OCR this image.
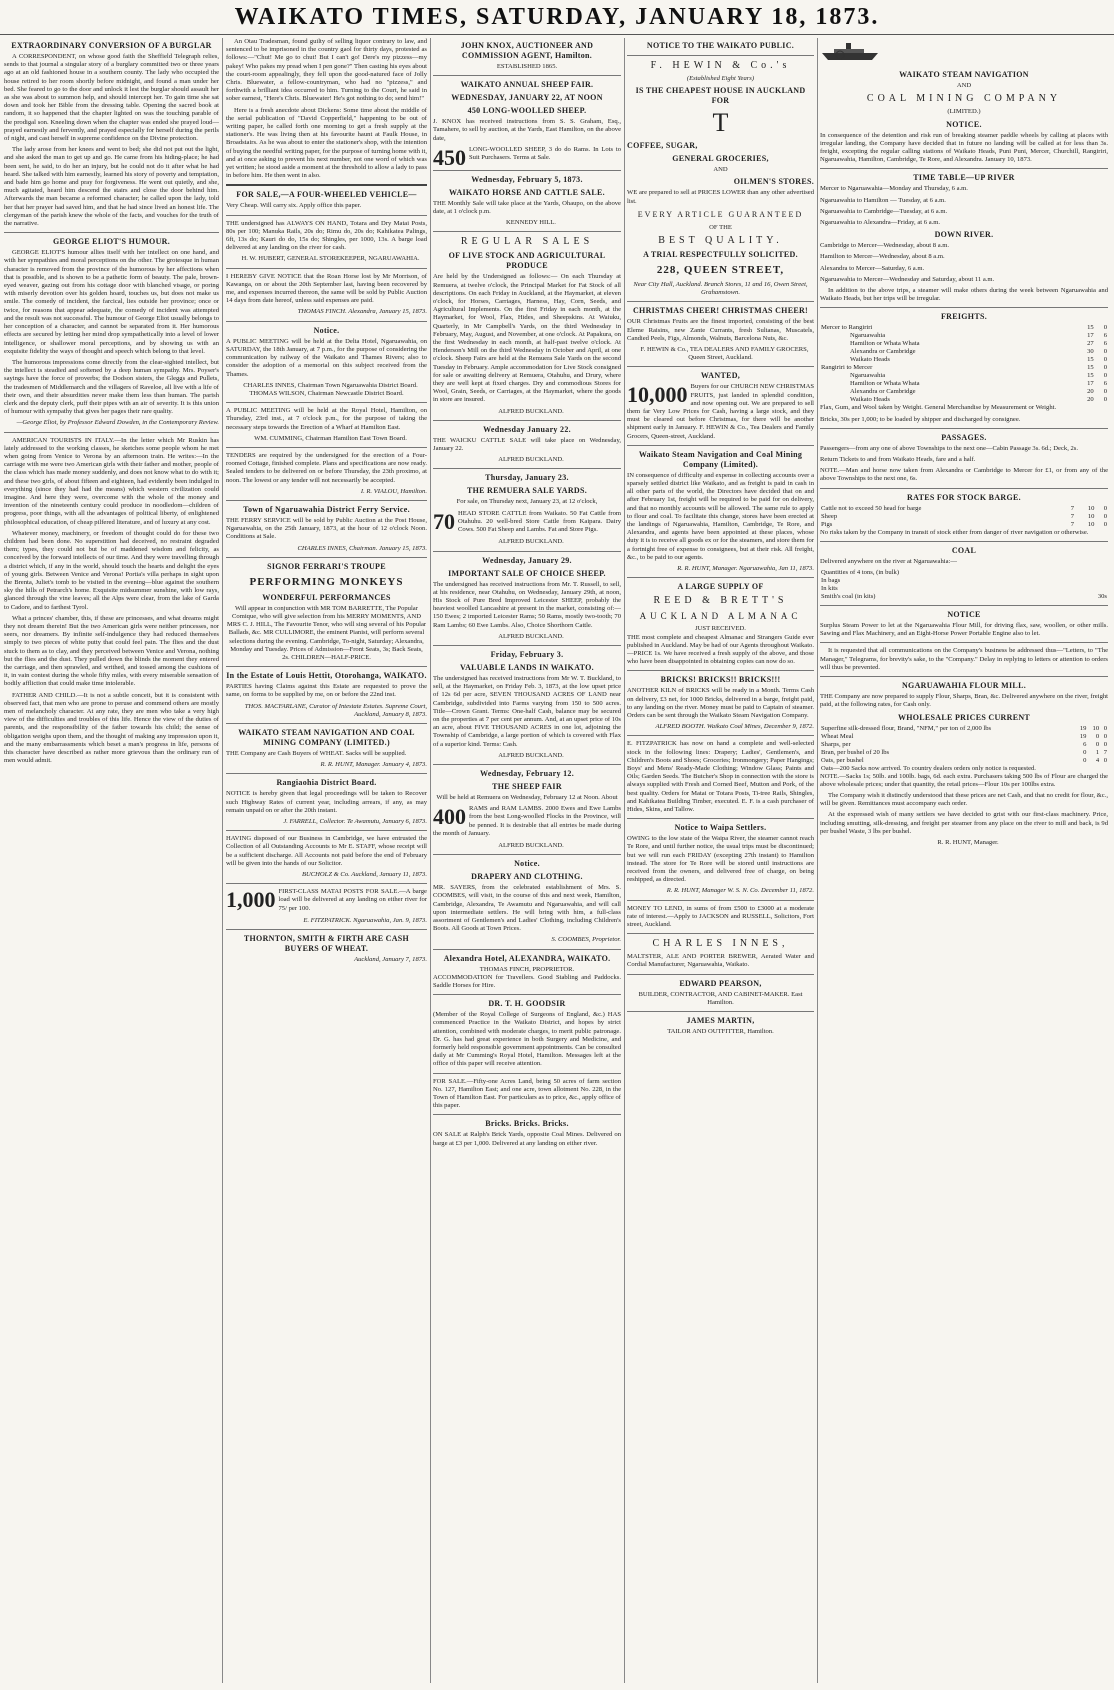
WAIKATO TIMES, SATURDAY, JANUARY 18, 1873.
EXTRAORDINARY CONVERSION OF A BURGLAR

A CORRESPONDENT, on whose good faith the Sheffield Telegraph relies, sends to that journal a singular story of a burglary committed two or three years ago at an old fashioned house in a southern county. The lady who occupied the house retired to her room shortly before midnight, and found a man under her bed. She feared to go to the door and unlock it lest the burglar should assault her as she was about to summon help, and should intercept her. To gain time she sat down and took her Bible from the dressing table. Opening the sacred book at random, it so happened that the chapter lighted on was the touching parable of the prodigal son. Kneeling down when the chapter was ended she prayed loud—prayed earnestly and fervently, and prayed especially for herself during the perils of night, and cast herself in supreme confidence on the Divine protection.

The lady arose from her knees and went to bed; she did not put out the light, and she asked the man to get up and go. He came from his hiding-place; he had been sent, he said, to do her an injury, but he could not do it after what he had heard. She talked with him earnestly, learned his story of poverty and temptation, and bade him go home and pray for forgiveness. He went out quietly, and she, much agitated, heard him descend the stairs and close the door behind him. Afterwards the man became a reformed character; he called upon the lady, told her that her prayer had saved him, and that he had since lived an honest life. The clergyman of the parish knew the whole of the facts, and vouches for the truth of the narrative.

GEORGE ELIOT'S HUMOUR.

GEORGE ELIOT'S humour allies itself with her intellect on one hand, and with her sympathies and moral perceptions on the other. The grotesque in human character is removed from the province of the humorous by her affections when that is possible, and is shown to be a pathetic form of beauty. The pale, brown-eyed weaver, gazing out from his cottage door with blanched visage, or poring with miserly devotion over his golden hoard, touches us, but does not make us smile. The comedy of incident, the farcical, lies outside her province; once or twice, for reasons that appear adequate, the comedy of incident was attempted and the result was not successful. The humour of George Eliot usually belongs to her conception of a character, and cannot be separated from it. Her humorous effects are secured by letting her mind drop sympathetically into a level of lower intelligence, or shallower moral perceptions, and by showing us with an exquisite fidelity the ways of thought and speech which belong to that level.

The humorous impressions come directly from the clear-sighted intellect, but the intellect is steadied and softened by a deep human sympathy. Mrs. Poyser's sayings have the force of proverbs; the Dodson sisters, the Gleggs and Pullets, the tradesmen of Middlemarch and the villagers of Raveloe, all live with a life of their own, and their absurdities never make them less than human. The parish clerk and the deputy clerk, puff their pipes with an air of severity. It is this union of humour with sympathy that gives her pages their rare quality.

—George Eliot, by Professor Edward Dowden, in the Contemporary Review.

AMERICAN TOURISTS IN ITALY.—In the letter which Mr Ruskin has lately addressed to the working classes, he sketches some people whom he met when going from Venice to Verona by an afternoon train. He writes:—In the carriage with me were two American girls with their father and mother, people of the class which has made money suddenly, and does not know what to do with it; and these two girls, of about fifteen and eighteen, had evidently been indulged in everything (since they had had the means) which western civilization could imagine. And here they were, overcome with the whole of the money and invention of the nineteenth century could produce in noodledom—children of progress, poor things, with all the advantages of political liberty, of enlightened philosophical education, of cheap pilfered literature, and of luxury at any cost.

Whatever money, machinery, or freedom of thought could do for these two children had been done. No superstition had deceived, no restraint degraded them; types, they could not but be of maddened wisdom and felicity, as conceived by the forward intellects of our time. And they were travelling through a district which, if any in the world, should touch the hearts and delight the eyes of young girls. Between Venice and Verona! Portia's villa perhaps in sight upon the Brenta, Juliet's tomb to be visited in the evening—blue against the southern sky the hills of Petrarch's home. Exquisite midsummer sunshine, with low rays, glanced through the vine leaves; all the Alps were clear, from the lake of Garda to Cadore, and to farthest Tyrol.

What a princes' chamber, this, if these are princesses, and what dreams might they not dream therein! But the two American girls were neither princesses, nor seers, nor dreamers. By infinite self-indulgence they had reduced themselves simply to two pieces of white putty that could feel pain. The flies and the dust stuck to them as to clay, and they perceived between Venice and Verona, nothing but the flies and the dust. They pulled down the blinds the moment they entered the carriage, and then sprawled, and writhed, and tossed among the cushions of it, in vain contest during the whole fifty miles, with every miserable sensation of bodily affliction that could make time intolerable.

FATHER AND CHILD.—It is not a subtle conceit, but it is consistent with observed fact, that men who are prone to peruse and commend others are mostly men of melancholy character. At any rate, they are men who take a very high view of the difficulties and troubles of this life. Hence the view of the duties of parents, and the responsibility of the father towards his child; the sense of obligation weighs upon them, and the thought of making any impression upon it, and the many embarrassments which beset a man's progress in life, persons of this character have described as rather more grievous than the ordinary run of men would admit.

An Otau Tradesman, found guilty of selling liquor contrary to law, and sentenced to be imprisoned in the country gaol for thirty days, protested as follows:—"Chut! Me go to chut! But I can't go! Dere's my pizzess—my pakey! Who pakes my pread when I pen gone?" Then casting his eyes about the court-room appealingly, they fell upon the good-natured face of Jolly Chris. Bluewater, a fellow-countryman, who had no "pizzess," and forthwith a brilliant idea occurred to him. Turning to the Court, he said in sober earnest, "Here's Chris. Bluewater! He's got nothing to do; send him!"

Here is a fresh anecdote about Dickens: Some time about the middle of the serial publication of "David Copperfield," happening to be out of writing paper, he called forth one morning to get a fresh supply at the stationer's. He was living then at his favourite haunt at Faulk House, in Broadstairs. As he was about to enter the stationer's shop, with the intention of buying the needful writing paper, for the purpose of turning home with it, and at once asking to prevent his next number, not one word of which was yet written; he stood aside a moment at the threshold to allow a lady to pass in before him. He then went in also.

FOR SALE,—A FOUR-WHEELED VEHICLE—

Very Cheap. Will carry six. Apply office this paper.

THE undersigned has ALWAYS ON HAND, Totara and Dry Matai Posts, 80s per 100; Manuka Rails, 20s do; Rimu do, 20s do; Kahikatea Palings, 6ft, 13s do; Kauri do do, 15s do; Shingles, per 1000, 13s. A barge load delivered at any landing on the river for cash.

H. W. HUBERT, GENERAL STOREKEEPER, NGARUAWAHIA.

I HEREBY GIVE NOTICE that the Roan Horse lost by Mr Morrison, of Kawanga, on or about the 20th September last, having been recovered by me, and expenses incurred thereon, the same will be sold by Public Auction 14 days from date hereof, unless said expenses are paid.

THOMAS FINCH. Alexandra, January 15, 1873.

Notice.

A PUBLIC MEETING will be held at the Delta Hotel, Ngaruawahia, on SATURDAY, the 18th January, at 7 p.m., for the purpose of considering the communication by railway of the Waikato and Thames Rivers; also to consider the adoption of a memorial on this subject received from the Thames.

CHARLES INNES, Chairman Town Ngaruawahia District Board. THOMAS WILSON, Chairman Newcastle District Board.

A PUBLIC MEETING will be held at the Royal Hotel, Hamilton, on Thursday, 23rd inst., at 7 o'clock p.m., for the purpose of taking the necessary steps towards the Erection of a Wharf at Hamilton East.

WM. CUMMING, Chairman Hamilton East Town Board.

TENDERS are required by the undersigned for the erection of a Four-roomed Cottage, finished complete. Plans and specifications are now ready. Sealed tenders to be delivered on or before Thursday, the 23th proximo, at noon. The lowest or any tender will not necessarily be accepted.

I. R. VIALOU, Hamilton.

Town of Ngaruawahia District Ferry Service.

THE FERRY SERVICE will be sold by Public Auction at the Post House, Ngaruawahia, on the 25th January, 1873, at the hour of 12 o'clock Noon. Conditions at Sale.

CHARLES INNES, Chairman. January 15, 1873.

SIGNOR FERRARI'S TROUPE
PERFORMING MONKEYS
WONDERFUL PERFORMANCES

Will appear in conjunction with MR TOM BARRETTE, The Popular Comique, who will give selection from his MERRY MOMENTS, AND MRS C. J. HILL, The Favourite Tenor, who will sing several of his Popular Ballads, &c. MR CULLIMORE, the eminent Pianist, will perform several selections during the evening. Cambridge, To-night, Saturday; Alexandra, Monday and Tuesday. Prices of Admission—Front Seats, 3s; Back Seats, 2s. CHILDREN—HALF-PRICE.

In the Estate of Louis Hettit, Otorohanga, WAIKATO.

PARTIES having Claims against this Estate are requested to prove the same, on forms to be supplied by me, on or before the 22nd inst.

THOS. MACFARLANE, Curator of Intestate Estates. Supreme Court, Auckland, January 8, 1873.

WAIKATO STEAM NAVIGATION AND COAL MINING COMPANY (LIMITED.)

THE Company are Cash Buyers of WHEAT. Sacks will be supplied.

R. R. HUNT, Manager. January 4, 1873.

Rangiaohia District Board.

NOTICE is hereby given that legal proceedings will be taken to Recover such Highway Rates of current year, including arrears, if any, as may remain unpaid on or after the 20th instant.

J. FARRELL, Collector. Te Awamutu, January 6, 1873.

HAVING disposed of our Business in Cambridge, we have entrusted the Collection of all Outstanding Accounts to Mr E. STAFF, whose receipt will be a sufficient discharge. All Accounts not paid before the end of February will be given into the hands of our Solicitor.

BUCHOLZ & Co. Auckland, January 11, 1873.

1,000 FIRST-CLASS MATAI POSTS FOR SALE.—A barge load will be delivered at any landing on either river for 75/ per 100.

E. FITZPATRICK. Ngaruawahia, Jan. 9, 1873.

THORNTON, SMITH & FIRTH ARE CASH BUYERS OF WHEAT.

Auckland, January 7, 1873.

JOHN KNOX, AUCTIONEER AND COMMISSION AGENT, Hamilton.
ESTABLISHED 1865.
WAIKATO ANNUAL SHEEP FAIR.
WEDNESDAY, JANUARY 22, AT NOON
450 LONG-WOOLLED SHEEP.

J. KNOX has received instructions from S. S. Graham, Esq., Tamahere, to sell by auction, at the Yards, East Hamilton, on the above date,

450 LONG-WOOLLED SHEEP, 3 do do Rams. In Lots to Suit Purchasers. Terms at Sale.
Wednesday, February 5, 1873.
WAIKATO HORSE AND CATTLE SALE.

THE Monthly Sale will take place at the Yards, Ohaupo, on the above date, at 1 o'clock p.m.

KENNEDY HILL.

REGULAR SALES
OF LIVE STOCK AND AGRICULTURAL PRODUCE

Are held by the Undersigned as follows:— On each Thursday at Remuera, at twelve o'clock, the Principal Market for Fat Stock of all descriptions. On each Friday in Auckland, at the Haymarket, at eleven o'clock, for Horses, Carriages, Harness, Hay, Corn, Seeds, and Agricultural Implements. On the first Friday in each month, at the Haymarket, for Wool, Flax, Hides, and Sheepskins. At Waiuku, Quarterly, in Mr Campbell's Yards, on the third Wednesday in February, May, August, and November, at one o'clock. At Papakura, on the first Wednesday in each month, at half-past twelve o'clock. At Henderson's Mill on the third Wednesday in October and April, at one o'clock. Sheep Fairs are held at the Remuera Sale Yards on the second Tuesday in February. Ample accommodation for Live Stock consigned for sale or awaiting delivery at Remuera, Otahuhu, and Drury, where they are well kept at fixed charges. Dry and commodious Stores for Wool, Grain, Seeds, or Carriages, at the Haymarket, where the goods in store are insured.

ALFRED BUCKLAND.

Wednesday January 22.

THE WAICKU CATTLE SALE will take place on Wednesday, January 22.

ALFRED BUCKLAND.

Thursday, January 23.
THE REMUERA SALE YARDS.

For sale, on Thursday next, January 23, at 12 o'clock,

70 HEAD STORE CATTLE from Waikato. 50 Fat Cattle from Otahuhu. 20 well-bred Store Cattle from Kaipara. Dairy Cows. 500 Fat Sheep and Lambs. Fat and Store Pigs.

ALFRED BUCKLAND.

Wednesday, January 29.
IMPORTANT SALE OF CHOICE SHEEP.

The undersigned has received instructions from Mr. T. Russell, to sell, at his residence, near Otahuhu, on Wednesday, January 29th, at noon, His Stock of Pure Bred Improved Leicester SHEEP, probably the heaviest woolled Lancashire at present in the market, consisting of:— 150 Ewes; 2 imported Leicester Rams; 50 Rams, mostly two-tooth; 70 Ram Lambs; 60 Ewe Lambs. Also, Choice Shorthorn Cattle.

ALFRED BUCKLAND.

Friday, February 3.
VALUABLE LANDS IN WAIKATO.

The undersigned has received instructions from Mr W. T. Buckland, to sell, at the Haymarket, on Friday Feb. 3, 1873, at the low upset price of 12s 6d per acre, SEVEN THOUSAND ACRES OF LAND near Cambridge, subdivided into Farms varying from 150 to 500 acres. Title—Crown Grant. Terms: One-half Cash, balance may be secured on the properties at 7 per cent per annum. And, at an upset price of 10s an acre, about FIVE THOUSAND ACRES in one lot, adjoining the Township of Cambridge, a large portion of which is covered with Flax of a superior kind. Terms: Cash.

ALFRED BUCKLAND.

Wednesday, February 12.
THE SHEEP FAIR

Will be held at Remuera on Wednesday, February 12 at Noon. About

400 RAMS and RAM LAMBS. 2000 Ewes and Ewe Lambs from the best Long-woolled Flocks in the Province, will be penned. It is desirable that all entries be made during the month of January.

ALFRED BUCKLAND.

Notice.
DRAPERY AND CLOTHING.

MR. SAYERS, from the celebrated establishment of Mrs. S. COOMBES, will visit, in the course of this and next week, Hamilton, Cambridge, Alexandra, Te Awamutu and Ngaruawahia, and will call upon intermediate settlers. He will bring with him, a full-class assortment of Gentlemen's and Ladies' Clothing, including Children's Boots. All Goods at Town Prices.

S. COOMBES, Proprietor.

Alexandra Hotel, ALEXANDRA, WAIKATO.
THOMAS FINCH, PROPRIETOR.

ACCOMMODATION for Travellers. Good Stabling and Paddocks. Saddle Horses for Hire.

DR. T. H. GOODSIR

(Member of the Royal College of Surgeons of England, &c.) HAS commenced Practice in the Waikato District, and hopes by strict attention, combined with moderate charges, to merit public patronage. Dr. G. has had great experience in both Surgery and Medicine, and formerly held responsible government appointments. Can be consulted daily at Mr Cumming's Royal Hotel, Hamilton. Messages left at the office of this paper will receive attention.

FOR SALE.—Fifty-one Acres Land, being 50 acres of farm section No. 127, Hamilton East; and one acre, town allotment No. 228, in the Town of Hamilton East. For particulars as to price, &c., apply office of this paper.

Bricks. Bricks. Bricks.

ON SALE at Ralph's Brick Yards, opposite Coal Mines. Delivered on barge at £3 per 1,000. Delivered at any landing on either river.

NOTICE TO THE WAIKATO PUBLIC.
F. HEWIN & Co.'s
(Established Eight Years)
IS THE CHEAPEST HOUSE IN AUCKLAND FOR
T
COFFEE, SUGAR,
GENERAL GROCERIES,
AND
OILMEN'S STORES.

WE are prepared to sell at PRICES LOWER than any other advertised list.

EVERY ARTICLE GUARANTEED
OF THE
BEST QUALITY.
A TRIAL RESPECTFULLY SOLICITED.
228, QUEEN STREET,

Near City Hall, Auckland. Branch Stores, 11 and 16, Owen Street, Grahamstown.

CHRISTMAS CHEER! CHRISTMAS CHEER!

OUR Christmas Fruits are the finest imported, consisting of the best Eleme Raisins, new Zante Currants, fresh Sultanas, Muscatels, Candied Peels, Figs, Almonds, Walnuts, Barcelona Nuts, &c.

F. HEWIN & Co., TEA DEALERS AND FAMILY GROCERS, Queen Street, Auckland.

WANTED,
10,000 Buyers for our CHURCH NEW CHRISTMAS FRUITS, just landed in splendid condition, and now opening out. We are prepared to sell them far Very Low Prices for Cash, having a large stock, and they must be cleared out before Christmas, for there will be another shipment early in January. F. HEWIN & Co., Tea Dealers and Family Grocers, Queen-street, Auckland.
Waikato Steam Navigation and Coal Mining Company (Limited).

IN consequence of difficulty and expense in collecting accounts over a sparsely settled district like Waikato, and as freight is paid in cash in all other parts of the world, the Directors have decided that on and after February 1st, freight will be required to be paid for on delivery, and that no monthly accounts will be allowed. The same rule to apply to flour and coal. To facilitate this change, stores have been erected at the landings of Ngaruawahia, Hamilton, Cambridge, Te Rore, and Alexandra, and agents have been appointed at these places, whose duty it is to receive all goods ex or for the steamers, and store them for a fortnight free of expense to consignees, but at their risk. All freight, &c., to be paid to our agents.

R. R. HUNT, Manager. Ngaruawahia, Jan 11, 1873.

A LARGE SUPPLY OF
REED & BRETT'S
AUCKLAND ALMANAC
JUST RECEIVED.

THE most complete and cheapest Almanac and Strangers Guide ever published in Auckland. May be had of our Agents throughout Waikato.—PRICE 1s. We have received a fresh supply of the above, and those who have been disappointed in obtaining copies can now do so.

BRICKS! BRICKS!! BRICKS!!!

ANOTHER KILN of BRICKS will be ready in a Month. Terms Cash on delivery, £3 net, for 1000 Bricks, delivered in a barge, freight paid, to any landing on the river. Money must be paid to Captain of steamer. Orders can be sent through the Waikato Steam Navigation Company.

ALFRED BOOTH. Waikato Coal Mines, December 9, 1872.

E. FITZPATRICK has now on hand a complete and well-selected stock in the following lines: Drapery; Ladies', Gentlemen's, and Children's Boots and Shoes; Groceries; Ironmongery; Paper Hangings; Boys' and Mens' Ready-Made Clothing; Window Glass; Paints and Oils; Garden Seeds. The Butcher's Shop in connection with the store is always supplied with Fresh and Corned Beef, Mutton and Pork, of the best quality. Orders for Matai or Totara Posts, Ti-tree Rails, Shingles, and Kahikatea Building Timber, executed. E. F. is a cash purchaser of Hides, Skins, and Tallow.

Notice to Waipa Settlers.

OWING to the low state of the Waipa River, the steamer cannot reach Te Rore, and until further notice, the usual trips must be discontinued; but we will run each FRIDAY (excepting 27th instant) to Hamilton instead. The store for Te Rore will be stored until instructions are received from the owners, and delivered free of charge, on being reshipped, as directed.

R. R. HUNT, Manager W. S. N. Co. December 11, 1872.

MONEY TO LEND, in sums of from £500 to £3000 at a moderate rate of interest.—Apply to JACKSON and RUSSELL, Solicitors, Fort street, Auckland.

CHARLES INNES,

MALTSTER, ALE AND PORTER BREWER, Aerated Water and Cordial Manufacturer, Ngaruawahia, Waikato.

EDWARD PEARSON,
BUILDER, CONTRACTOR, AND CABINET-MAKER. East Hamilton.
JAMES MARTIN,
TAILOR AND OUTFITTER, Hamilton.
WAIKATO STEAM NAVIGATION
AND
COAL MINING COMPANY
(LIMITED.)
NOTICE.

In consequence of the detention and risk run of breaking steamer paddle wheels by calling at places with irregular landing, the Company have decided that in future no landing will be called at for less than 3s. freight, excepting the regular calling stations of Waikato Heads, Puni Puni, Mercer, Churchill, Rangiriri, Ngaruawahia, Hamilton, Cambridge, Te Rore, and Alexandra. January 10, 1873.

TIME TABLE—UP RIVER

Mercer to Ngaruawahia—Monday and Thursday, 6 a.m.

Ngaruawahia to Hamilton — Tuesday, at 6 a.m.

Ngaruawahia to Cambridge—Tuesday, at 6 a.m.

Ngaruawahia to Alexandra—Friday, at 6 a.m.

DOWN RIVER.

Cambridge to Mercer—Wednesday, about 8 a.m.

Hamilton to Mercer—Wednesday, about 8 a.m.

Alexandra to Mercer—Saturday, 6 a.m.

Ngaruawahia to Mercer—Wednesday and Saturday, about 11 a.m.

In addition to the above trips, a steamer will make others during the week between Ngaruawahia and Waikato Heads, but her trips will be irregular.

FREIGHTS.
Mercer to Rangiriri	15	0
Ngaruawahia	17	6
Hamilton or Whata Whata	27	6
Alexandra or Cambridge	30	0
Waikato Heads	15	0
Rangiriri to Mercer	15	0
Ngaruawahia	15	0
Hamilton or Whata Whata	17	6
Alexandra or Cambridge	20	0
Waikato Heads	20	0

Flax, Gum, and Wool taken by Weight. General Merchandise by Measurement or Weight.

Bricks, 30s per 1,000; to be loaded by shipper and discharged by consignee.

PASSAGES.

Passengers—from any one of above Townships to the next one—Cabin Passage 3s. 6d.; Deck, 2s.

Return Tickets to and from Waikato Heads, fare and a half.

NOTE.—Man and horse now taken from Alexandra or Cambridge to Mercer for £1, or from any of the above Townships to the next one, 6s.

RATES FOR STOCK BARGE.
Cattle not to exceed 50 head for barge	7	10	0
Sheep	7	10	0
Pigs	7	10	0

No risks taken by the Company in transit of stock either from danger of river navigation or otherwise.

COAL

Delivered anywhere on the river at Ngaruawahia:—

Quantities of 4 tons, (in bulk)	
In bags	
In kits	
Smith's coal (in kits)	30s
NOTICE

Surplus Steam Power to let at the Ngaruawahia Flour Mill, for driving flax, saw, woollen, or other mills. Sawing and Flax Machinery, and an Eight-Horse Power Portable Engine also to let.

It is requested that all communications on the Company's business be addressed thus—"Letters, to "The Manager," Telegrams, for brevity's sake, to the "Company." Delay in replying to letters or attention to orders will thus be prevented.

NGARUAWAHIA FLOUR MILL.

THE Company are now prepared to supply Flour, Sharps, Bran, &c. Delivered anywhere on the river, freight paid, at the following rates, for Cash only.

WHOLESALE PRICES CURRENT
Superfine silk-dressed flour, Brand, "NFM," per ton of 2,000 lbs	19	10	0
Wheat Meal	19	0	0
Sharps, per	6	0	0
Bran, per bushel of 20 lbs	0	1	7
Oats, per bushel	0	4	0
Oats—200 Sacks now arrived. To country dealers orders only notice is requested.			

NOTE.—Sacks 1s; 50lb. and 100lb. bags, 6d. each extra. Purchasers taking 500 lbs of Flour are charged the above wholesale prices; under that quantity, the retail prices—Flour 10s per 100lbs extra.

The Company wish it distinctly understood that these prices are net Cash, and that no credit for flour, &c., will be given. Remittances must accompany each order.

At the expressed wish of many settlers we have decided to grist with our first-class machinery. Price, including smutting, silk-dressing, and freight per steamer from any place on the river to mill and back, is 9d per bushel Waste, 3 lbs per bushel.

R. R. HUNT, Manager.
